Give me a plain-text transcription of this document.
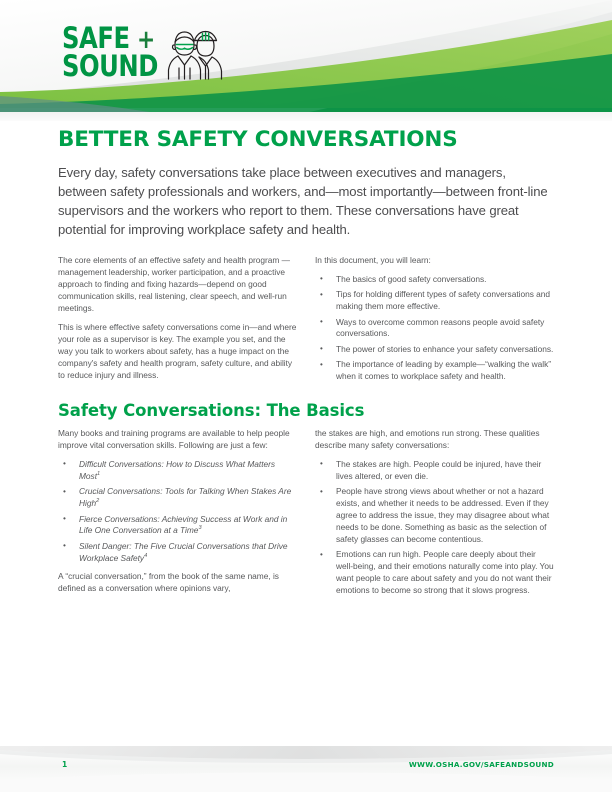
SAFE +
SOUND
BETTER SAFETY CONVERSATIONS

Every day, safety conversations take place between executives and managers, between safety professionals and workers, and—most importantly—between front-line supervisors and the workers who report to them. These conversations have great potential for improving workplace safety and health.

The core elements of an effective safety and health program —management leadership, worker participation, and a proactive approach to finding and fixing hazards—depend on good communication skills, real listening, clear speech, and well-run meetings.

This is where effective safety conversations come in—and where your role as a supervisor is key. The example you set, and the way you talk to workers about safety, has a huge impact on the company's safety and health program, safety culture, and ability to reduce injury and illness.

In this document, you will learn:

• The basics of good safety conversations.
• Tips for holding different types of safety conversations and making them more effective.
• Ways to overcome common reasons people avoid safety conversations.
• The power of stories to enhance your safety conversations.
• The importance of leading by example—“walking the walk” when it comes to workplace safety and health.
Safety Conversations: The Basics

Many books and training programs are available to help people improve vital conversation skills. Following are just a few:

• Difficult Conversations: How to Discuss What Matters Most$^1$
• Crucial Conversations: Tools for Talking When Stakes Are High$^2$
• Fierce Conversations: Achieving Success at Work and in Life One Conversation at a Time$^3$
• Silent Danger: The Five Crucial Conversations that Drive Workplace Safety$^4$

A “crucial conversation,” from the book of the same name, is defined as a conversation where opinions vary,

the stakes are high, and emotions run strong. These qualities describe many safety conversations:

• The stakes are high. People could be injured, have their lives altered, or even die.
• People have strong views about whether or not a hazard exists, and whether it needs to be addressed. Even if they agree to address the issue, they may disagree about what needs to be done. Something as basic as the selection of safety glasses can become contentious.
• Emotions can run high. People care deeply about their well-being, and their emotions naturally come into play. You want people to care about safety and you do not want their emotions to become so strong that it slows progress.
1	WWW.OSHA.GOV/SAFEANDSOUND
